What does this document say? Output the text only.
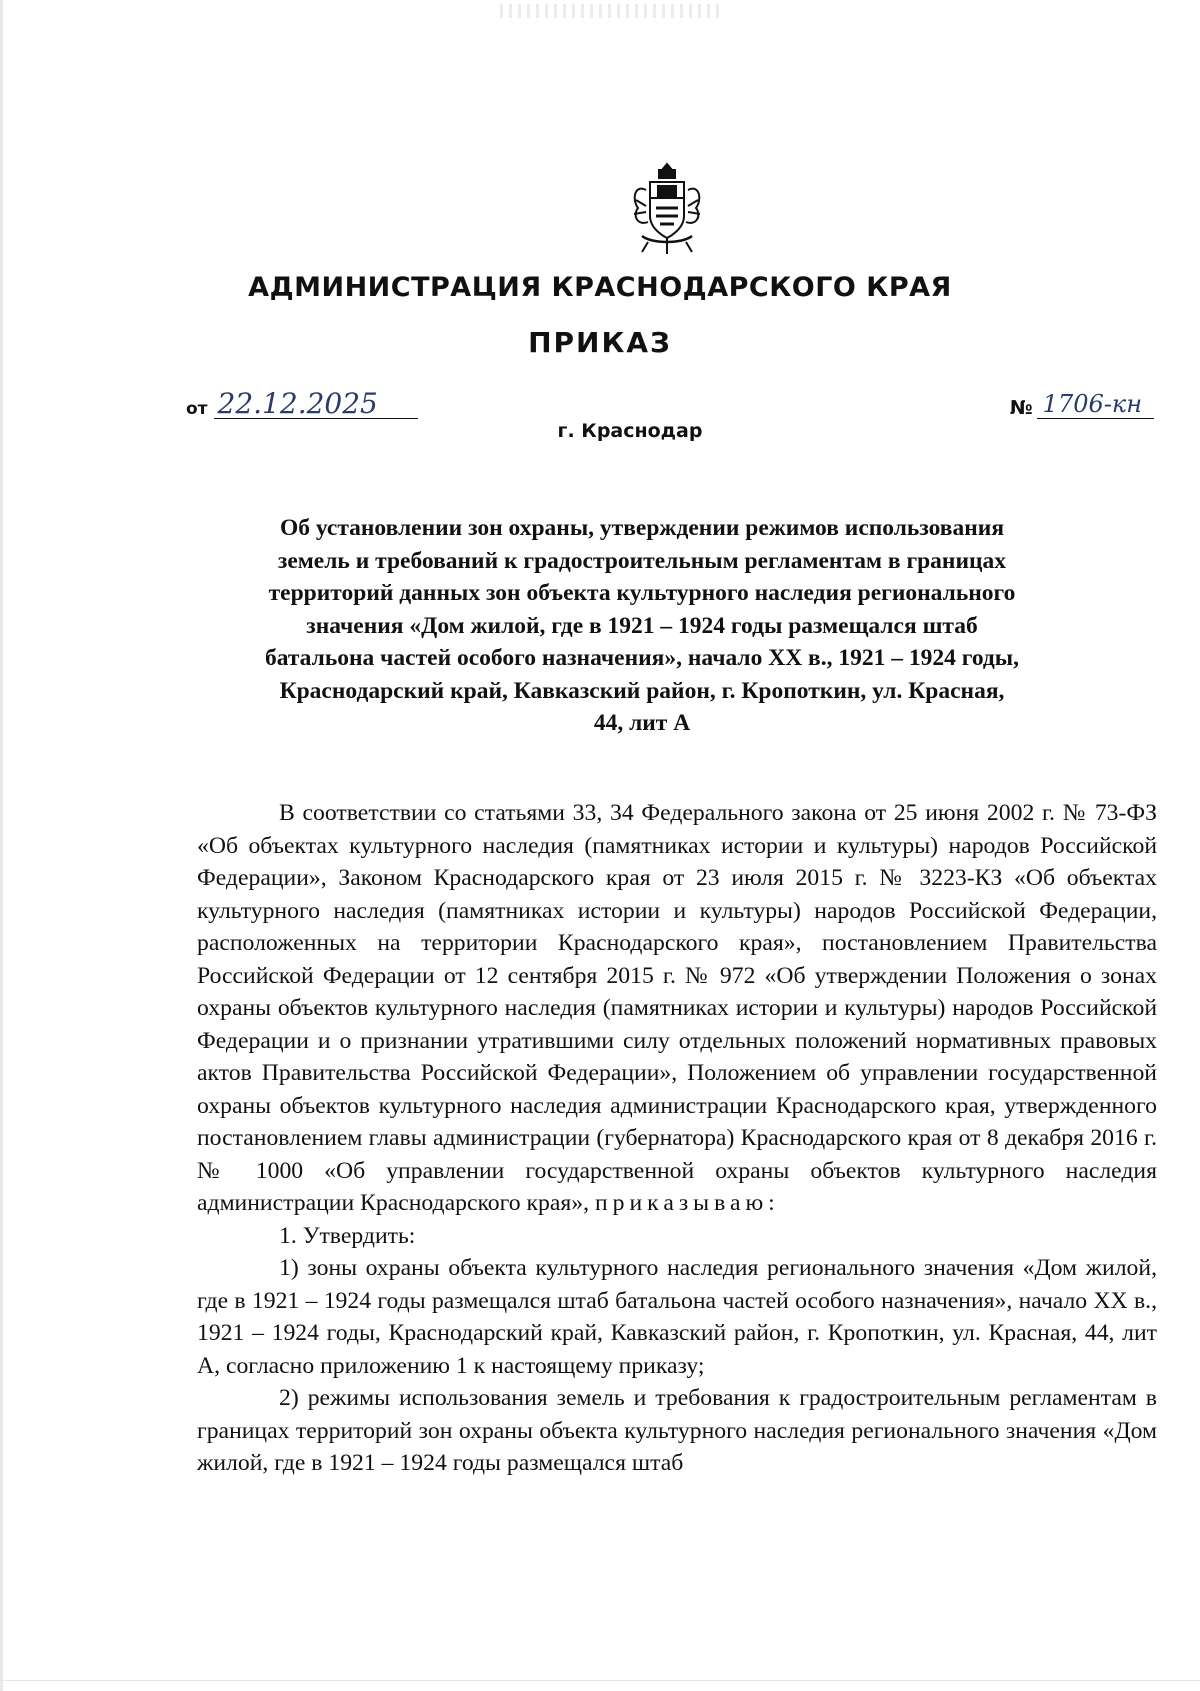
АДМИНИСТРАЦИЯ КРАСНОДАРСКОГО КРАЯ
ПРИКАЗ
от 22.12.2025	№ 1706-кн
г. Краснодар
Об установлении зон охраны, утверждении режимов использования земель и требований к градостроительным регламентам в границах территорий данных зон объекта культурного наследия регионального значения «Дом жилой, где в 1921 – 1924 годы размещался штаб батальона частей особого назначения», начало XX в., 1921 – 1924 годы, Краснодарский край, Кавказский район, г. Кропоткин, ул. Красная, 44, лит А

В соответствии со статьями 33, 34 Федерального закона от 25 июня 2002 г. № 73-ФЗ «Об объектах культурного наследия (памятниках истории и культуры) народов Российской Федерации», Законом Краснодарского края от 23 июля 2015 г. № 3223-КЗ «Об объектах культурного наследия (памятниках истории и культуры) народов Российской Федерации, расположенных на территории Краснодарского края», постановлением Правительства Российской Федерации от 12 сентября 2015 г. № 972 «Об утверждении Положения о зонах охраны объектов культурного наследия (памятниках истории и культуры) народов Российской Федерации и о признании утратившими силу отдельных положений нормативных правовых актов Правительства Российской Федерации», Положением об управлении государственной охраны объектов культурного наследия администрации Краснодарского края, утвержденного постановлением главы администрации (губернатора) Краснодарского края от 8 декабря 2016 г. № 1000 «Об управлении государственной охраны объектов культурного наследия администрации Краснодарского края», приказываю:

1. Утвердить:

1) зоны охраны объекта культурного наследия регионального значения «Дом жилой, где в 1921 – 1924 годы размещался штаб батальона частей особого назначения», начало XX в., 1921 – 1924 годы, Краснодарский край, Кавказский район, г. Кропоткин, ул. Красная, 44, лит А, согласно приложению 1 к настоящему приказу;

2) режимы использования земель и требования к градостроительным регламентам в границах территорий зон охраны объекта культурного наследия регионального значения «Дом жилой, где в 1921 – 1924 годы размещался штаб
